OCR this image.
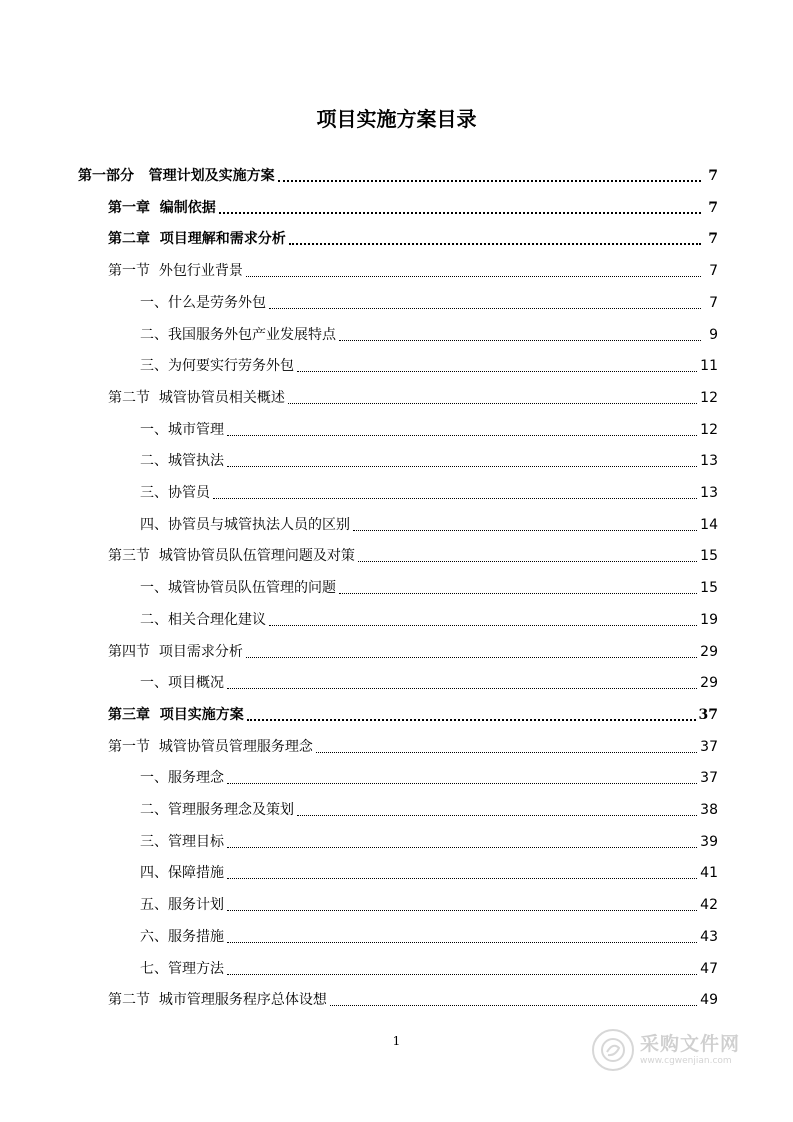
项目实施方案目录
第一部分   管理计划及实施方案	7
第一章  编制依据	7
第二章  项目理解和需求分析	7
第一节  外包行业背景	7
一、什么是劳务外包	7
二、我国服务外包产业发展特点	9
三、为何要实行劳务外包	11
第二节  城管协管员相关概述	12
一、城市管理	12
二、城管执法	13
三、协管员	13
四、协管员与城管执法人员的区别	14
第三节  城管协管员队伍管理问题及对策	15
一、城管协管员队伍管理的问题	15
二、相关合理化建议	19
第四节  项目需求分析	29
一、项目概况	29
第三章  项目实施方案	37
第一节  城管协管员管理服务理念	37
一、服务理念	37
二、管理服务理念及策划	38
三、管理目标	39
四、保障措施	41
五、服务计划	42
六、服务措施	43
七、管理方法	47
第二节  城市管理服务程序总体设想	49
1	采购文件网
www.cgwenjian.com
